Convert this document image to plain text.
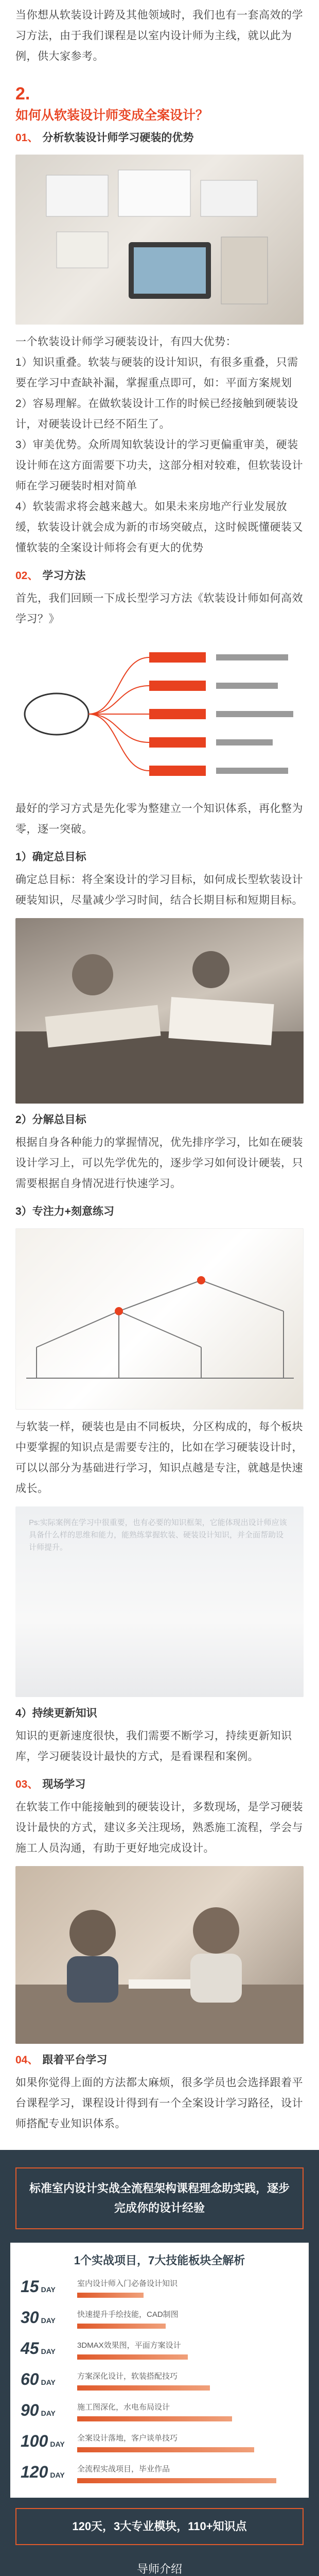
当你想从软装设计跨及其他领域时，我们也有一套高效的学习方法，由于我们课程是以室内设计师为主线，就以此为例，供大家参考。

2.
如何从软装设计师变成全案设计？
01、 分析软装设计师学习硬装的优势

一个软装设计师学习硬装设计，有四大优势：

1）知识重叠。软装与硬装的设计知识，有很多重叠，只需要在学习中查缺补漏，掌握重点即可，如：平面方案规划

2）容易理解。在做软装设计工作的时候已经接触到硬装设计，对硬装设计已经不陌生了。

3）审美优势。众所周知软装设计的学习更偏重审美，硬装设计师在这方面需要下功夫，这部分相对较难，但软装设计师在学习硬装时相对简单

4）软装需求将会越来越大。如果未来房地产行业发展放缓，软装设计就会成为新的市场突破点，这时候既懂硬装又懂软装的全案设计师将会有更大的优势

02、 学习方法

首先，我们回顾一下成长型学习方法《软装设计师如何高效学习？》

最好的学习方式是先化零为整建立一个知识体系，再化整为零，逐一突破。

1）确定总目标

确定总目标：将全案设计的学习目标，如何成长型软装设计硬装知识，尽量减少学习时间，结合长期目标和短期目标。

2）分解总目标

根据自身各种能力的掌握情况，优先排序学习，比如在硬装设计学习上，可以先学优先的，逐步学习如何设计硬装，只需要根据自身情况进行快速学习。

3）专注力+刻意练习

与软装一样，硬装也是由不同板块，分区构成的，每个板块中要掌握的知识点是需要专注的，比如在学习硬装设计时，可以以部分为基础进行学习，知识点越是专注，就越是快速成长。

Ps:实际案例在学习中很重要，也有必要的知识框架，它能体现出设计师应该具备什么样的思维和能力，能熟练掌握软装、硬装设计知识，并全面帮助设计师提升。

4）持续更新知识

知识的更新速度很快，我们需要不断学习，持续更新知识库，学习硬装设计最快的方式，是看课程和案例。

03、 现场学习

在软装工作中能接触到的硬装设计，多数现场，是学习硬装设计最快的方式，建议多关注现场，熟悉施工流程，学会与施工人员沟通，有助于更好地完成设计。

04、 跟着平台学习

如果你觉得上面的方法都太麻烦，很多学员也会选择跟着平台课程学习，课程设计得到有一个全案设计学习路径，设计师搭配专业知识体系。

标准室内设计实战全流程架构课程理念助实践，逐步完成你的设计经验
1个实战项目，7大技能板块全解析
15 DAY
室内设计师入门必备设计知识
30 DAY
快速提升手绘技能，CAD制图
45 DAY
3DMAX效果图，平面方案设计
60 DAY
方案深化设计，软装搭配技巧
90 DAY
施工图深化，水电布局设计
100 DAY
全案设计落地，客户谈单技巧
120 DAY
全流程实战项目，毕业作品
120天，3大专业模块，110+知识点
导师介绍
